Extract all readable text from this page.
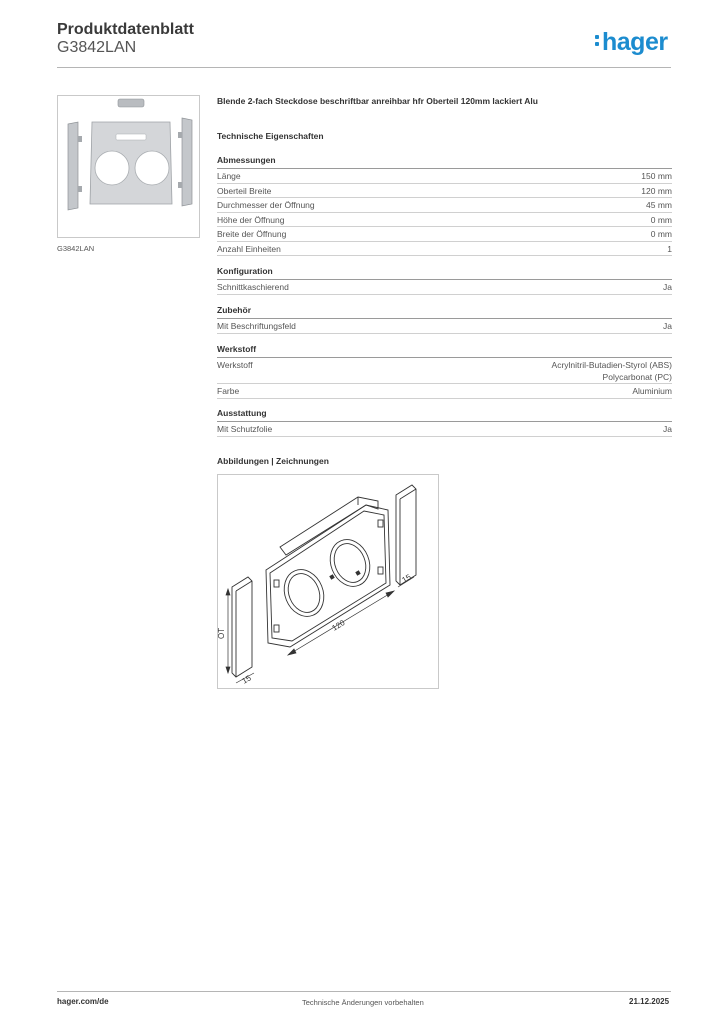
Produktdatenblatt
G3842LAN	hager
G3842LAN
Blende 2-fach Steckdose beschriftbar anreihbar hfr Oberteil 120mm lackiert Alu
Technische Eigenschaften
Abmessungen
Länge	150 mm
Oberteil Breite	120 mm
Durchmesser der Öffnung	45 mm
Höhe der Öffnung	0 mm
Breite der Öffnung	0 mm
Anzahl Einheiten	1
Konfiguration
Schnittkaschierend	Ja
Zubehör
Mit Beschriftungsfeld	Ja
Werkstoff
Werkstoff	Acrylnitril-Butadien-Styrol (ABS)
Polycarbonat (PC)
Farbe	Aluminium
Ausstattung
Mit Schutzfolie	Ja
Abbildungen | Zeichnungen
120
15
15
OT
hager.com/de	Technische Änderungen vorbehalten	21.12.2025
